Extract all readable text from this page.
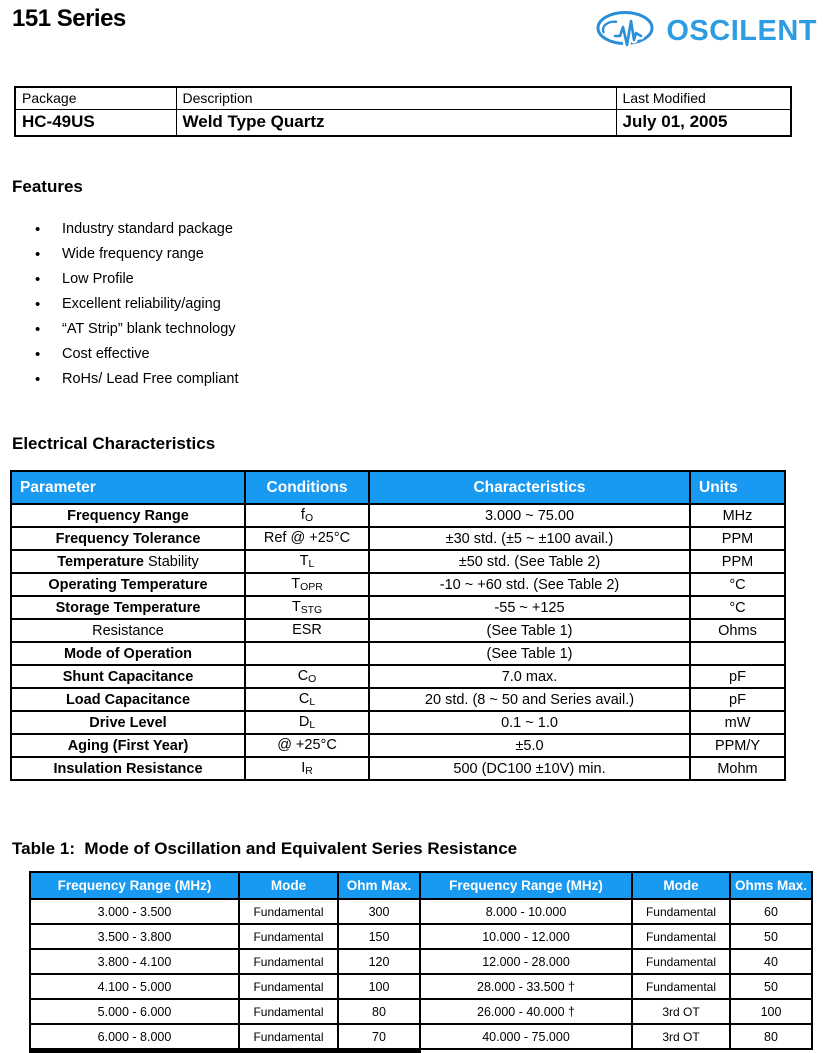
151 Series	OSCILENT
Package	Description	Last Modified
HC-49US	Weld Type Quartz	July 01, 2005
Features
• Industry standard package
• Wide frequency range
• Low Profile
• Excellent reliability/aging
• “AT Strip” blank technology
• Cost effective
• RoHs/ Lead Free compliant
Electrical Characteristics
Parameter	Conditions	Characteristics	Units
Frequency Range	fO	3.000 ~ 75.00	MHz
Frequency Tolerance	Ref @ +25°C	±30 std. (±5 ~ ±100 avail.)	PPM
Temperature Stability	TL	±50 std. (See Table 2)	PPM
Operating Temperature	TOPR	-10 ~ +60 std. (See Table 2)	°C
Storage Temperature	TSTG	-55 ~ +125	°C
Resistance	ESR	(See Table 1)	Ohms
Mode of Operation		(See Table 1)	
Shunt Capacitance	CO	7.0 max.	pF
Load Capacitance	CL	20 std. (8 ~ 50 and Series avail.)	pF
Drive Level	DL	0.1 ~ 1.0	mW
Aging (First Year)	@ +25°C	±5.0	PPM/Y
Insulation Resistance	IR	500 (DC100 ±10V) min.	Mohm
Table 1:  Mode of Oscillation and Equivalent Series Resistance
Frequency Range (MHz)	Mode	Ohm Max.	Frequency Range (MHz)	Mode	Ohms Max.
3.000 - 3.500	Fundamental	300	8.000 - 10.000	Fundamental	60
3.500 - 3.800	Fundamental	150	10.000 - 12.000	Fundamental	50
3.800 - 4.100	Fundamental	120	12.000 - 28.000	Fundamental	40
4.100 - 5.000	Fundamental	100	28.000 - 33.500 †	Fundamental	50
5.000 - 6.000	Fundamental	80	26.000 - 40.000 †	3rd OT	100
6.000 - 8.000	Fundamental	70	40.000 - 75.000	3rd OT	80
